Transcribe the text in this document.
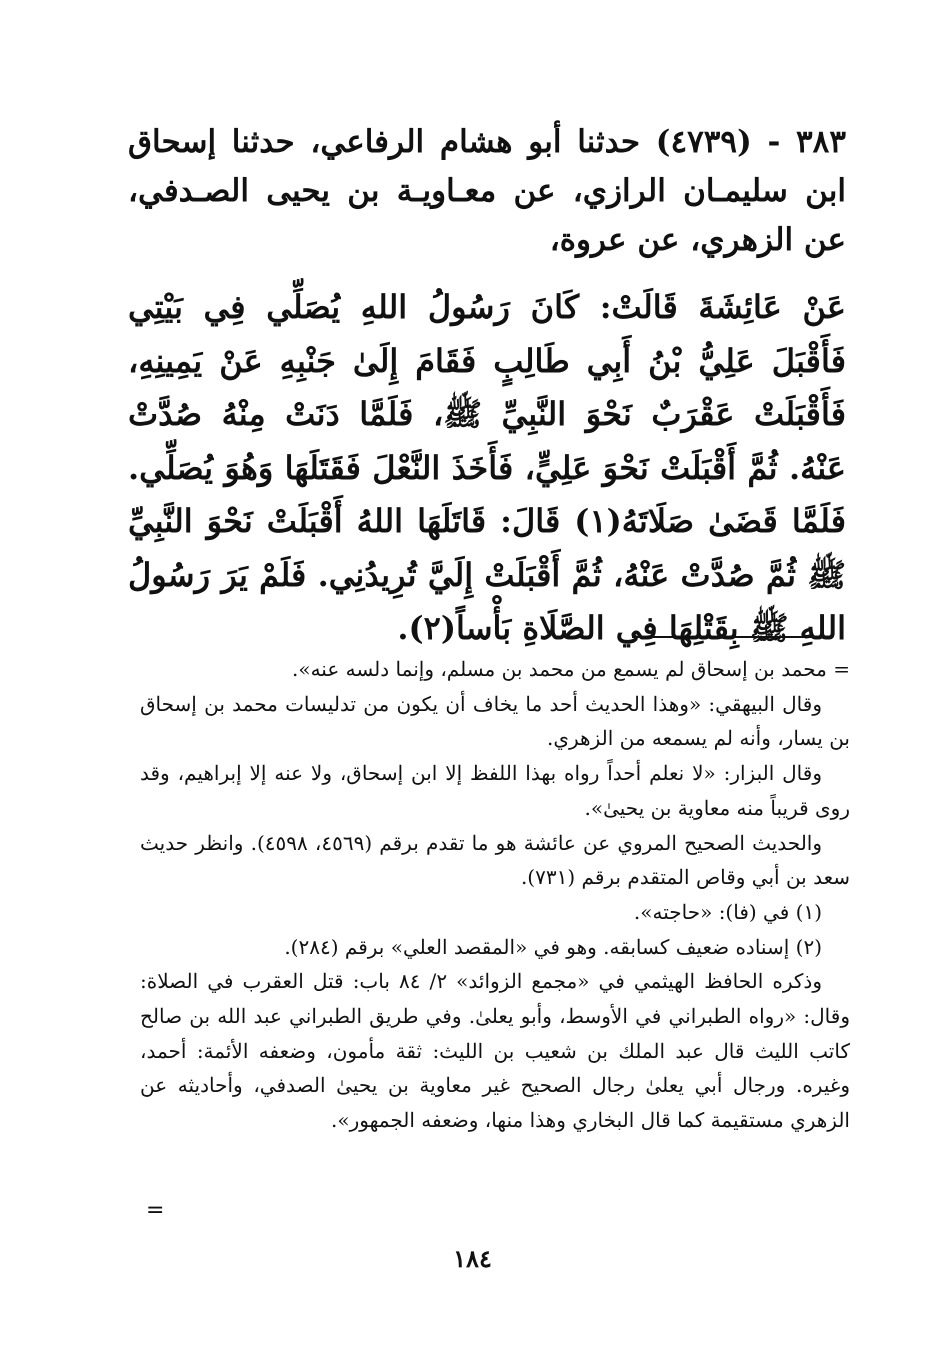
٣٨٣ - (٤٧٣٩) حدثنا أبو هشام الرفاعي، حدثنا إسحاق ابن سليمـان الرازي، عن معـاويـة بن يحيى الصـدفي، عن الزهري، عن عروة،

عَنْ عَائِشَةَ قَالَتْ: كَانَ رَسُولُ اللهِ يُصَلِّي فِي بَيْتِي فَأَقْبَلَ عَلِيُّ بْنُ أَبِي طَالِبٍ فَقَامَ إِلَىٰ جَنْبِهِ عَنْ يَمِينِهِ، فَأَقْبَلَتْ عَقْرَبٌ نَحْوَ النَّبِيِّ ﷺ، فَلَمَّا دَنَتْ مِنْهُ صُدَّتْ عَنْهُ. ثُمَّ أَقْبَلَتْ نَحْوَ عَلِيٍّ، فَأَخَذَ النَّعْلَ فَقَتَلَهَا وَهُوَ يُصَلِّي. فَلَمَّا قَضَىٰ صَلَاتَهُ(١) قَالَ: قَاتَلَهَا اللهُ أَقْبَلَتْ نَحْوَ النَّبِيِّ ﷺ ثُمَّ صُدَّتْ عَنْهُ، ثُمَّ أَقْبَلَتْ إِلَيَّ تُرِيدُنِي. فَلَمْ يَرَ رَسُولُ اللهِ ﷺ بِقَتْلِهَا فِي الصَّلَاةِ بَأْساً(٢).

= محمد بن إسحاق لم يسمع من محمد بن مسلم، وإنما دلسه عنه».

وقال البيهقي: «وهذا الحديث أحد ما يخاف أن يكون من تدليسات محمد بن إسحاق بن يسار، وأنه لم يسمعه من الزهري.

وقال البزار: «لا نعلم أحداً رواه بهذا اللفظ إلا ابن إسحاق، ولا عنه إلا إبراهيم، وقد روى قريباً منه معاوية بن يحيىٰ».

والحديث الصحيح المروي عن عائشة هو ما تقدم برقم (٤٥٦٩، ٤٥٩٨). وانظر حديث سعد بن أبي وقاص المتقدم برقم (٧٣١).

(١) في (فا): «حاجته».

(٢) إسناده ضعيف كسابقه. وهو في «المقصد العلي» برقم (٢٨٤).

وذكره الحافظ الهيثمي في «مجمع الزوائد» ٢/ ٨٤ باب: قتل العقرب في الصلاة: وقال: «رواه الطبراني في الأوسط، وأبو يعلىٰ. وفي طريق الطبراني عبد الله بن صالح كاتب الليث قال عبد الملك بن شعيب بن الليث: ثقة مأمون، وضعفه الأئمة: أحمد، وغيره. ورجال أبي يعلىٰ رجال الصحيح غير معاوية بن يحيىٰ الصدفي، وأحاديثه عن الزهري مستقيمة كما قال البخاري وهذا منها، وضعفه الجمهور».

=
١٨٤
